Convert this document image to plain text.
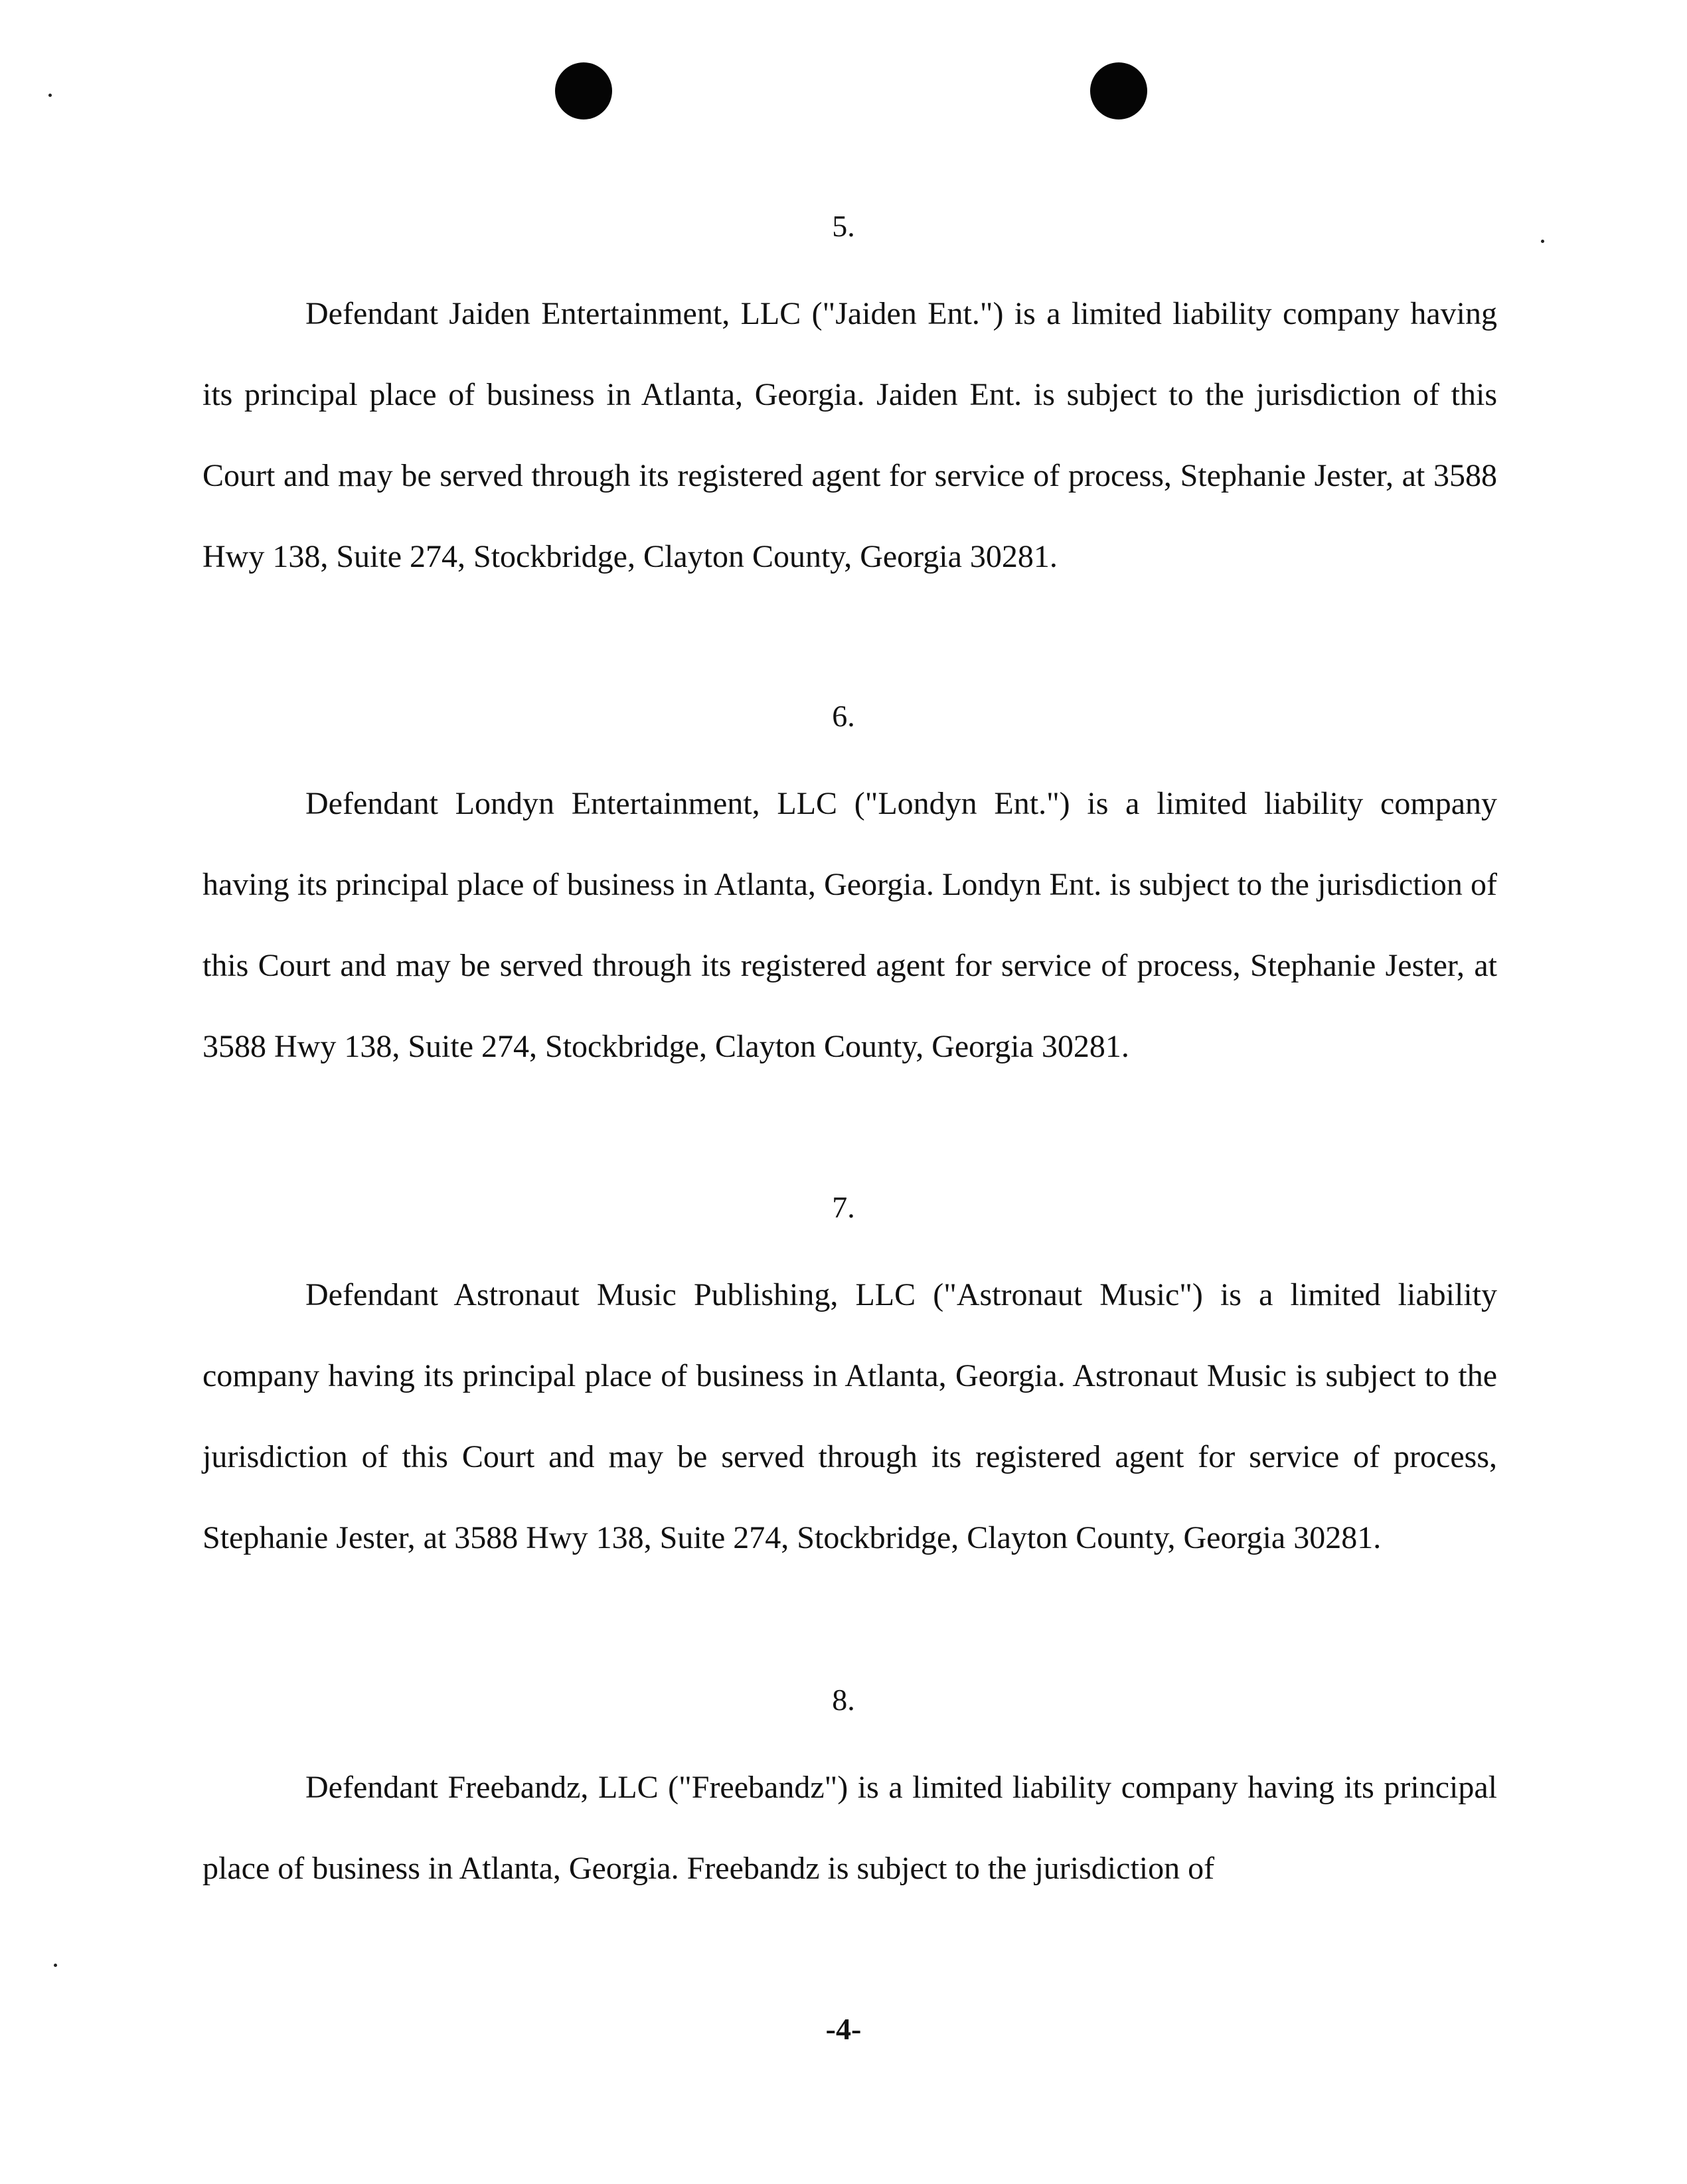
5.

Defendant Jaiden Entertainment, LLC ("Jaiden Ent.") is a limited liability company having its principal place of business in Atlanta, Georgia. Jaiden Ent. is subject to the jurisdiction of this Court and may be served through its registered agent for service of process, Stephanie Jester, at 3588 Hwy 138, Suite 274, Stockbridge, Clayton County, Georgia 30281.

6.

Defendant Londyn Entertainment, LLC ("Londyn Ent.") is a limited liability company having its principal place of business in Atlanta, Georgia. Londyn Ent. is subject to the jurisdiction of this Court and may be served through its registered agent for service of process, Stephanie Jester, at 3588 Hwy 138, Suite 274, Stockbridge, Clayton County, Georgia 30281.

7.

Defendant Astronaut Music Publishing, LLC ("Astronaut Music") is a limited liability company having its principal place of business in Atlanta, Georgia. Astronaut Music is subject to the jurisdiction of this Court and may be served through its registered agent for service of process, Stephanie Jester, at 3588 Hwy 138, Suite 274, Stockbridge, Clayton County, Georgia 30281.

8.

Defendant Freebandz, LLC ("Freebandz") is a limited liability company having its principal place of business in Atlanta, Georgia. Freebandz is subject to the jurisdiction of

-4-
